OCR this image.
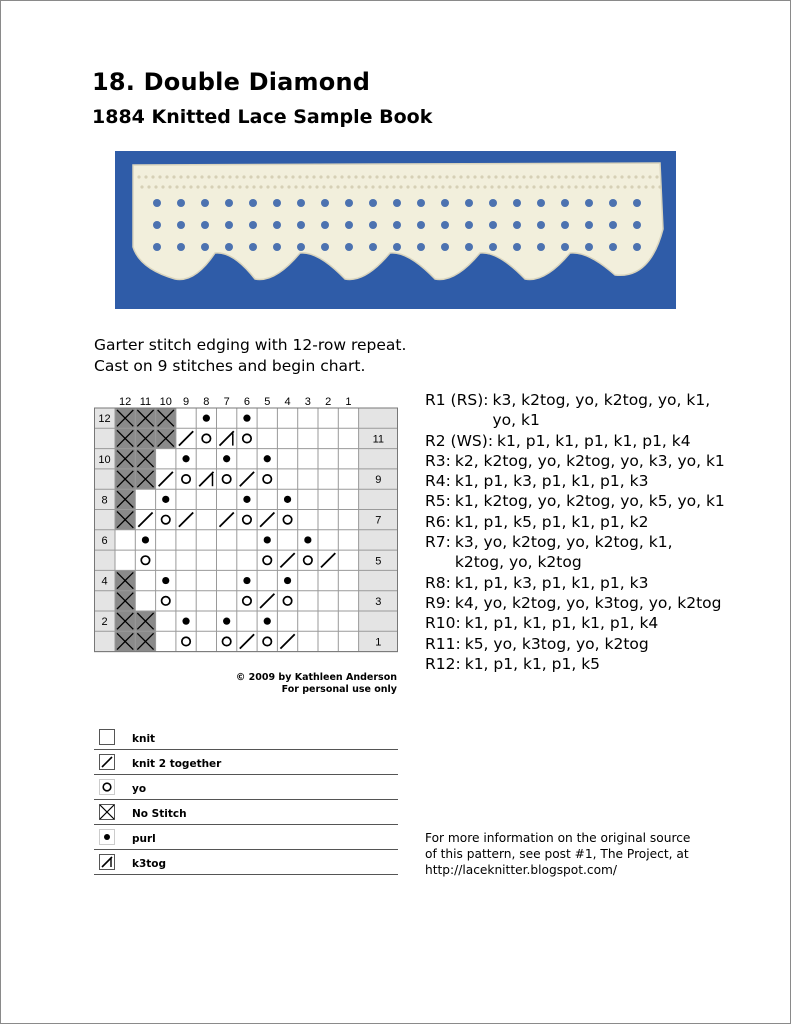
18. Double Diamond
1884 Knitted Lace Sample Book
Garter stitch edging with 12-row repeat.
Cast on 9 stitches and begin chart.
12 11 10 9 8 7 6 5 4 3 2 1
12
11
10
9
8
7
6
5
4
3
2
1
© 2009 by Kathleen Anderson
For personal use only
knit
knit 2 together
yo
No Stitch
purl
k3tog
R1 (RS): k3, k2tog, yo, k2tog, yo, k1, yo, k1
R2 (WS): k1, p1, k1, p1, k1, p1, k4
R3: k2, k2tog, yo, k2tog, yo, k3, yo, k1
R4: k1, p1, k3, p1, k1, p1, k3
R5: k1, k2tog, yo, k2tog, yo, k5, yo, k1
R6: k1, p1, k5, p1, k1, p1, k2
R7: k3, yo, k2tog, yo, k2tog, k1, k2tog, yo, k2tog
R8: k1, p1, k3, p1, k1, p1, k3
R9: k4, yo, k2tog, yo, k3tog, yo, k2tog
R10: k1, p1, k1, p1, k1, p1, k4
R11: k5, yo, k3tog, yo, k2tog
R12: k1, p1, k1, p1, k5
For more information on the original source
of this pattern, see post #1, The Project, at
http://laceknitter.blogspot.com/
